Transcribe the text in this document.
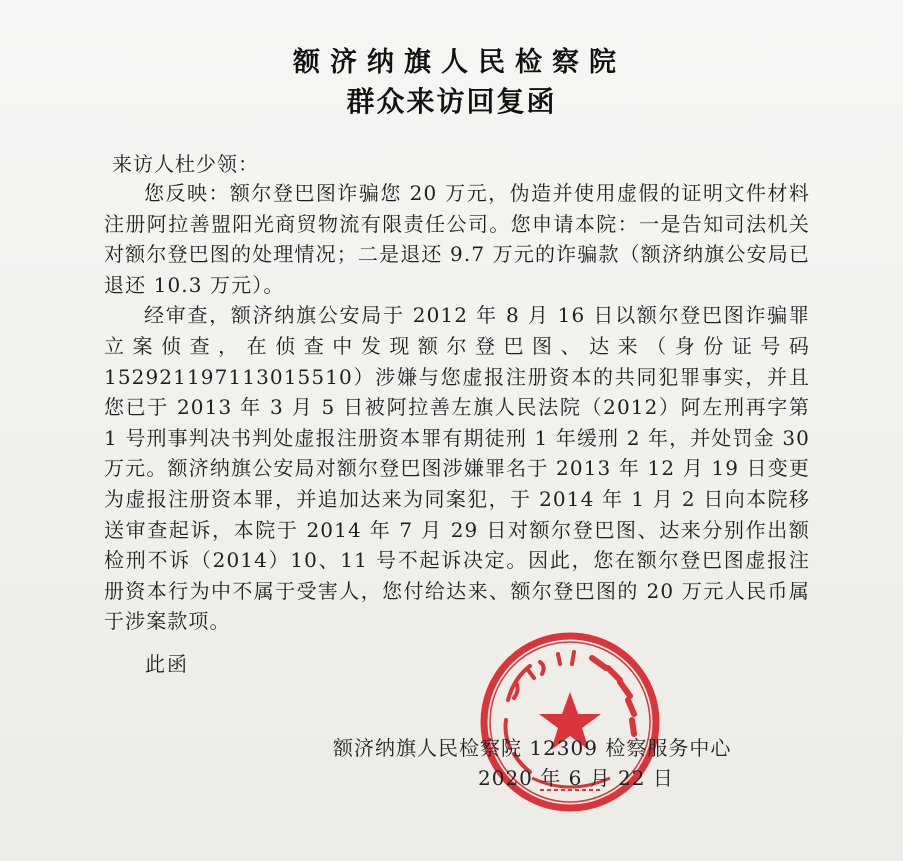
额济纳旗人民检察院
群众来访回复函
来访人杜少领：

您反映：额尔登巴图诈骗您 20 万元，伪造并使用虚假的证明文件材料注册阿拉善盟阳光商贸物流有限责任公司。您申请本院：一是告知司法机关对额尔登巴图的处理情况；二是退还 9.7 万元的诈骗款（额济纳旗公安局已退还 10.3 万元）。

经审查，额济纳旗公安局于 2012 年 8 月 16 日以额尔登巴图诈骗罪立案侦查，在侦查中发现额尔登巴图、达来（身份证号码 152921197113015510）涉嫌与您虚报注册资本的共同犯罪事实，并且您已于 2013 年 3 月 5 日被阿拉善左旗人民法院（2012）阿左刑再字第 1 号刑事判决书判处虚报注册资本罪有期徒刑 1 年缓刑 2 年，并处罚金 30 万元。额济纳旗公安局对额尔登巴图涉嫌罪名于 2013 年 12 月 19 日变更为虚报注册资本罪，并追加达来为同案犯，于 2014 年 1 月 2 日向本院移送审查起诉，本院于 2014 年 7 月 29 日对额尔登巴图、达来分别作出额检刑不诉（2014）10、11 号不起诉决定。因此，您在额尔登巴图虚报注册资本行为中不属于受害人，您付给达来、额尔登巴图的 20 万元人民币属于涉案款项。

此函
额济纳旗人民检察院 12309 检察服务中心
2020 年 6 月 22 日
